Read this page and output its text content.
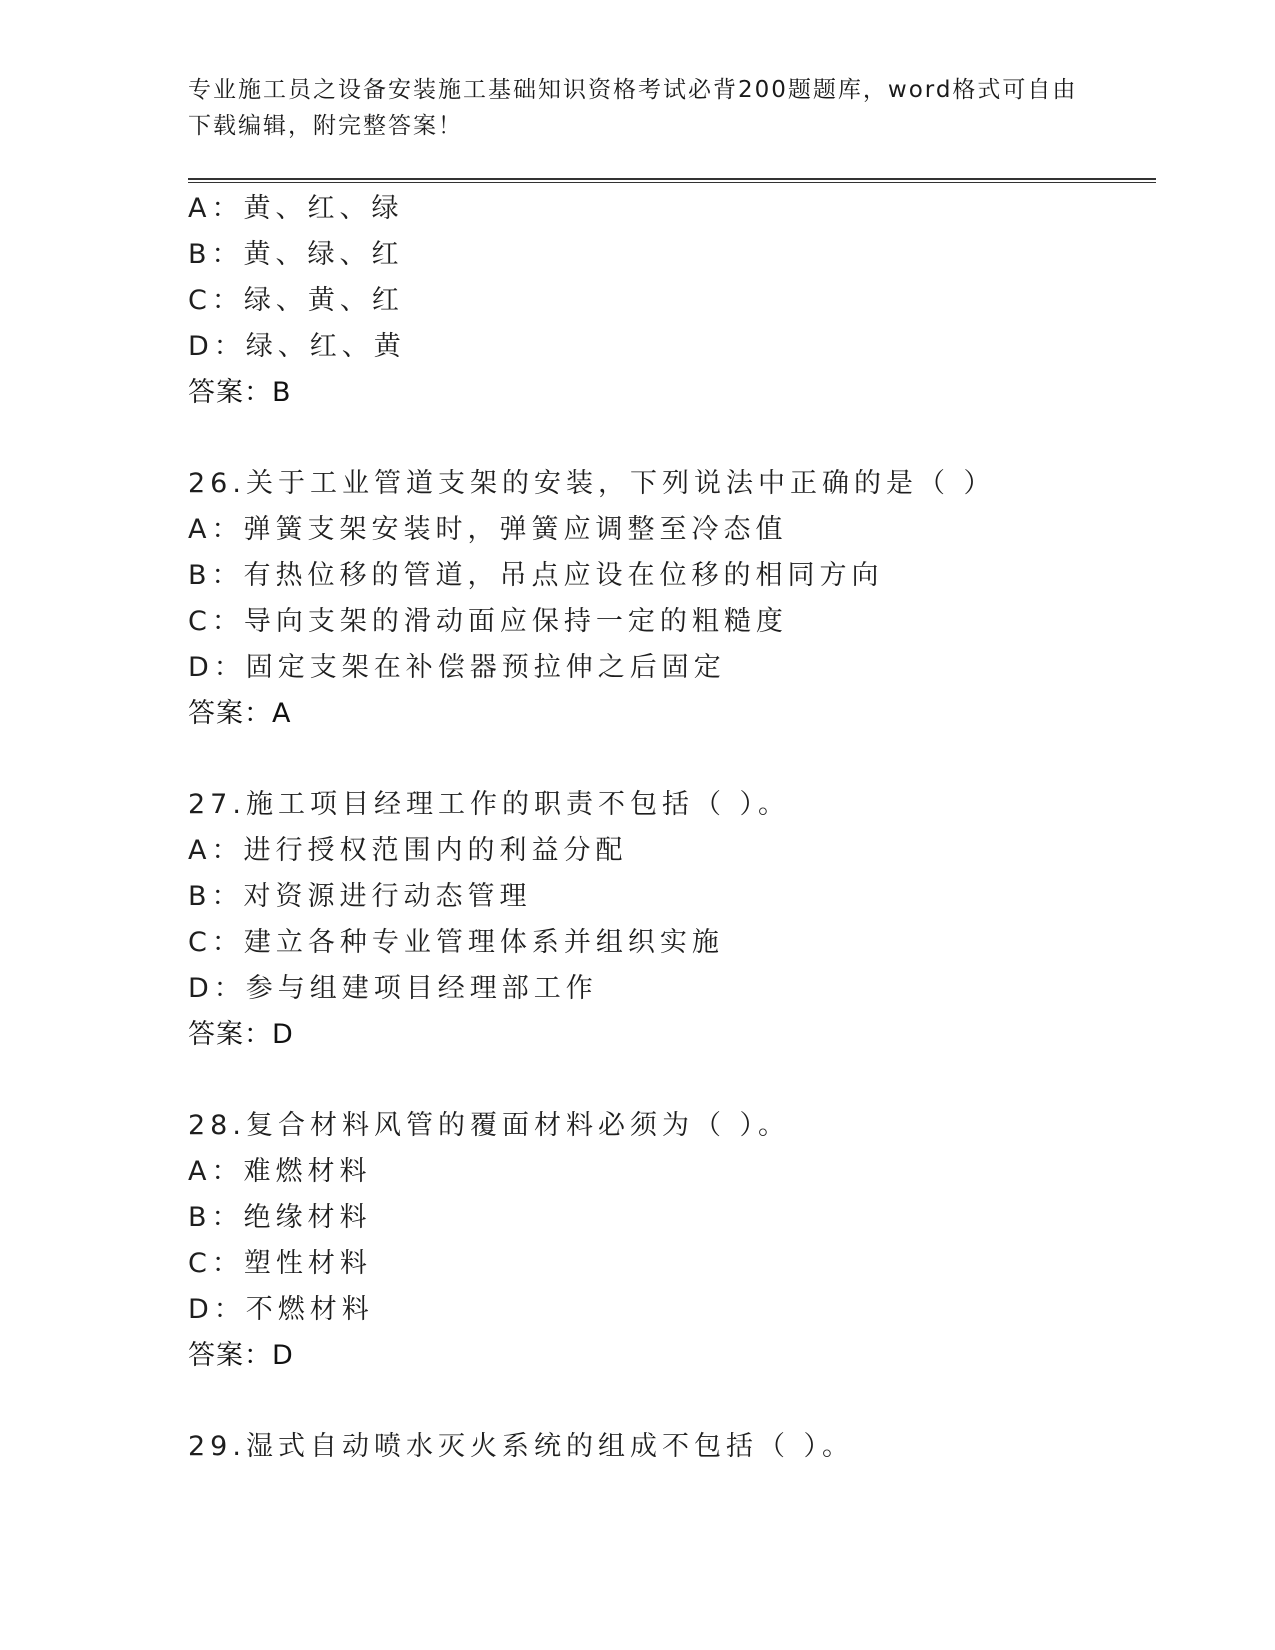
专业施工员之设备安装施工基础知识资格考试必背200题题库，word格式可自由
下载编辑，附完整答案！
A：黄、红、绿
B：黄、绿、红
C：绿、黄、红
D：绿、红、黄
答案：B
26.关于工业管道支架的安装，下列说法中正确的是（ ）
A：弹簧支架安装时，弹簧应调整至冷态值
B：有热位移的管道，吊点应设在位移的相同方向
C：导向支架的滑动面应保持一定的粗糙度
D：固定支架在补偿器预拉伸之后固定
答案：A
27.施工项目经理工作的职责不包括（ ）。
A：进行授权范围内的利益分配
B：对资源进行动态管理
C：建立各种专业管理体系并组织实施
D：参与组建项目经理部工作
答案：D
28.复合材料风管的覆面材料必须为（ ）。
A：难燃材料
B：绝缘材料
C：塑性材料
D：不燃材料
答案：D
29.湿式自动喷水灭火系统的组成不包括（ ）。
